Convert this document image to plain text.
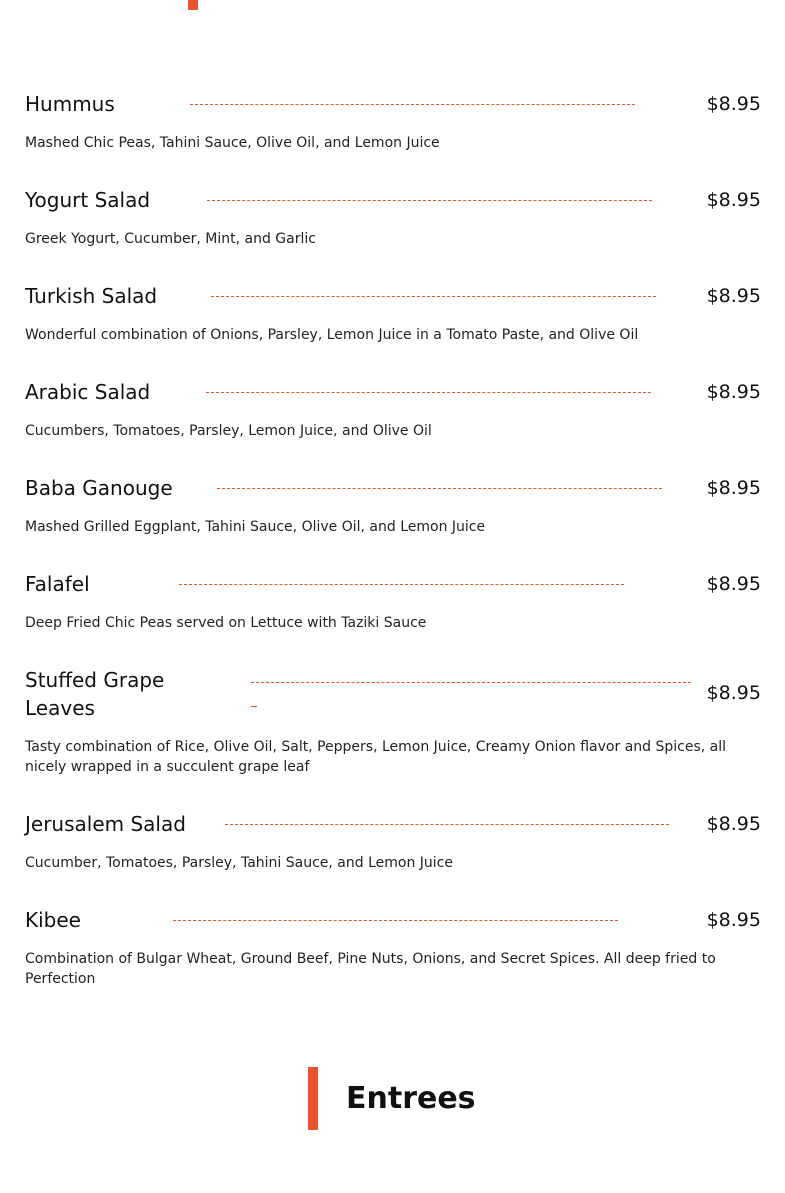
Hummus	$8.95
Mashed Chic Peas, Tahini Sauce, Olive Oil, and Lemon Juice
Yogurt Salad	$8.95
Greek Yogurt, Cucumber, Mint, and Garlic
Turkish Salad	$8.95
Wonderful combination of Onions, Parsley, Lemon Juice in a Tomato Paste, and Olive Oil
Arabic Salad	$8.95
Cucumbers, Tomatoes, Parsley, Lemon Juice, and Olive Oil
Baba Ganouge	$8.95
Mashed Grilled Eggplant, Tahini Sauce, Olive Oil, and Lemon Juice
Falafel	$8.95
Deep Fried Chic Peas served on Lettuce with Taziki Sauce
Stuffed Grape Leaves
$8.95
Tasty combination of Rice, Olive Oil, Salt, Peppers, Lemon Juice, Creamy Onion flavor and Spices, all nicely wrapped in a succulent grape leaf
Jerusalem Salad	$8.95
Cucumber, Tomatoes, Parsley, Tahini Sauce, and Lemon Juice
Kibee	$8.95
Combination of Bulgar Wheat, Ground Beef, Pine Nuts, Onions, and Secret Spices. All deep fried to Perfection
Entrees
